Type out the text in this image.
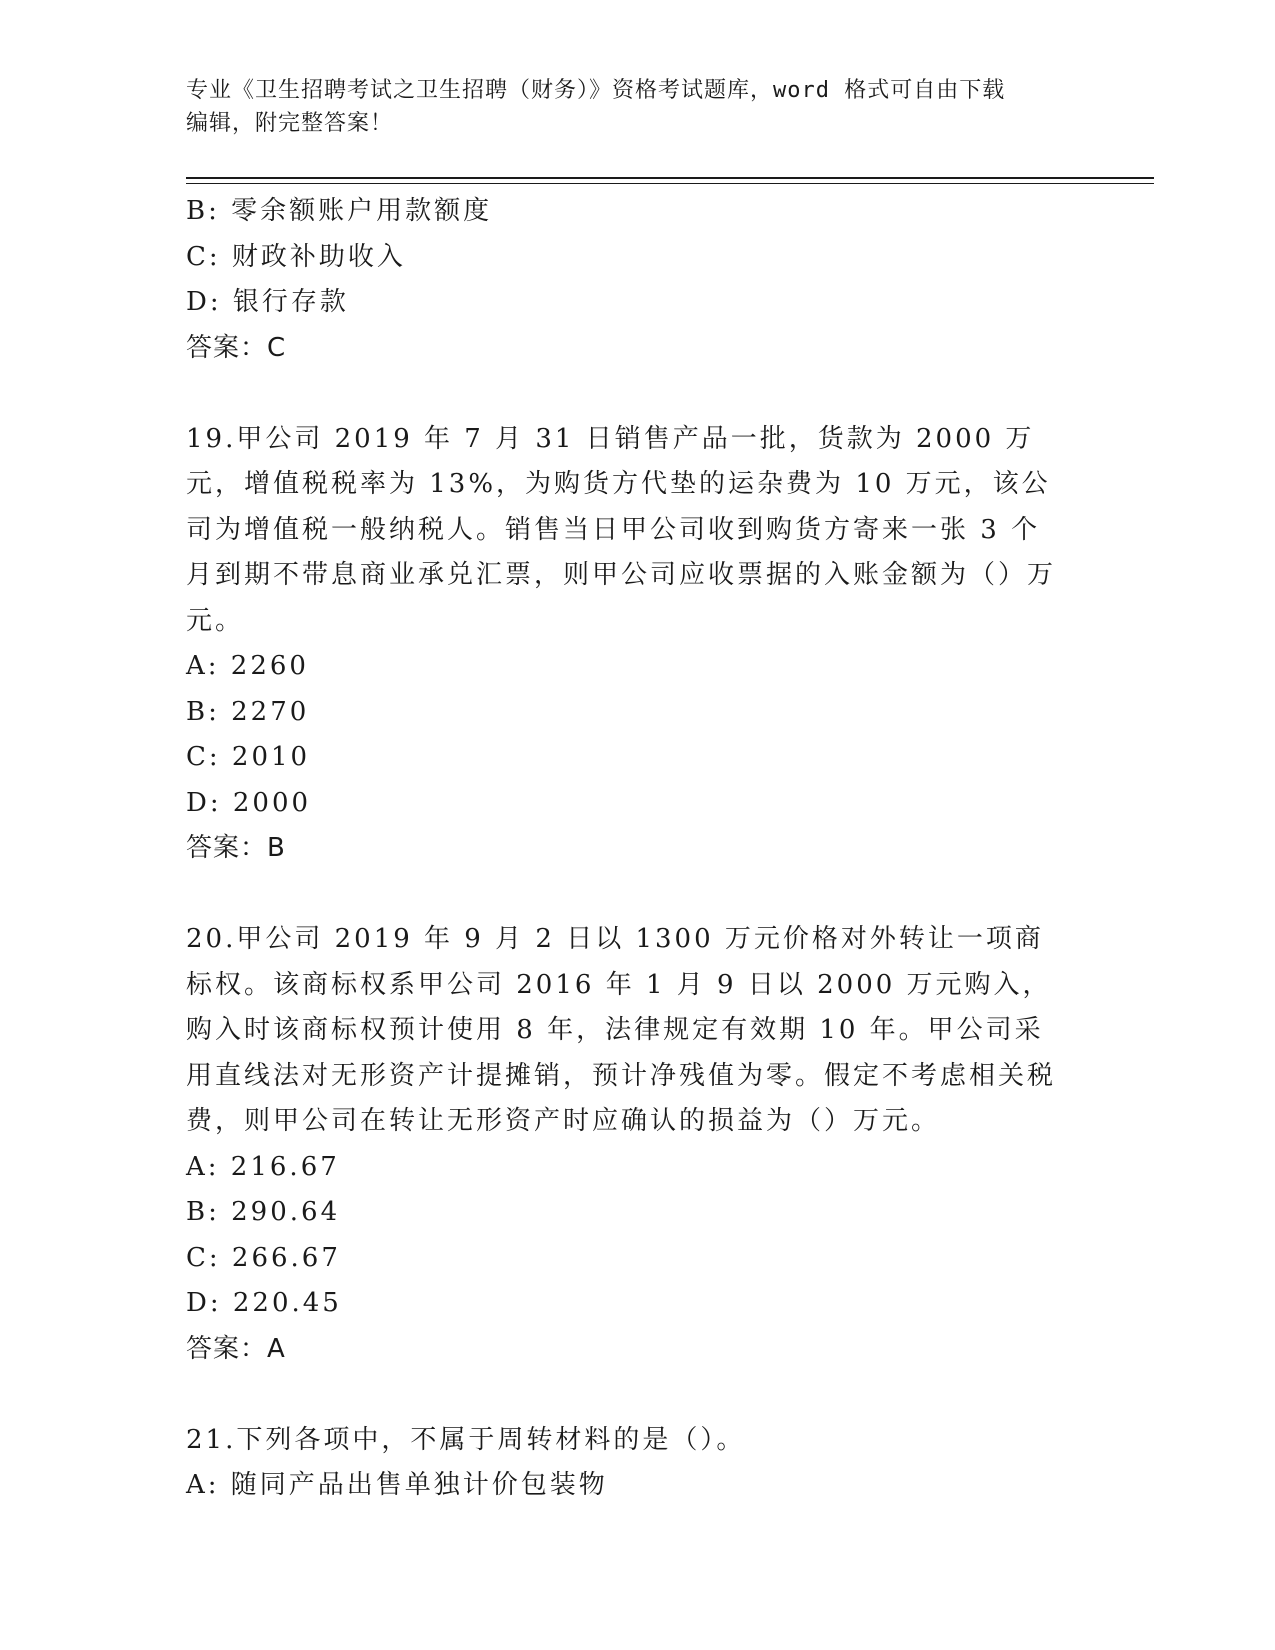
专业《卫生招聘考试之卫生招聘（财务）》资格考试题库，word 格式可自由下载
编辑，附完整答案！
B: 零余额账户用款额度
C: 财政补助收入
D: 银行存款
答案：C
19.甲公司 2019 年 7 月 31 日销售产品一批，货款为 2000 万元，增值税税率为 13%，为购货方代垫的运杂费为 10 万元，该公司为增值税一般纳税人。销售当日甲公司收到购货方寄来一张 3 个月到期不带息商业承兑汇票，则甲公司应收票据的入账金额为（）万元。
A: 2260
B: 2270
C: 2010
D: 2000
答案：B
20.甲公司 2019 年 9 月 2 日以 1300 万元价格对外转让一项商标权。该商标权系甲公司 2016 年 1 月 9 日以 2000 万元购入，购入时该商标权预计使用 8 年，法律规定有效期 10 年。甲公司采用直线法对无形资产计提摊销，预计净残值为零。假定不考虑相关税费，则甲公司在转让无形资产时应确认的损益为（）万元。
A: 216.67
B: 290.64
C: 266.67
D: 220.45
答案：A
21.下列各项中，不属于周转材料的是（）。
A: 随同产品出售单独计价包装物
